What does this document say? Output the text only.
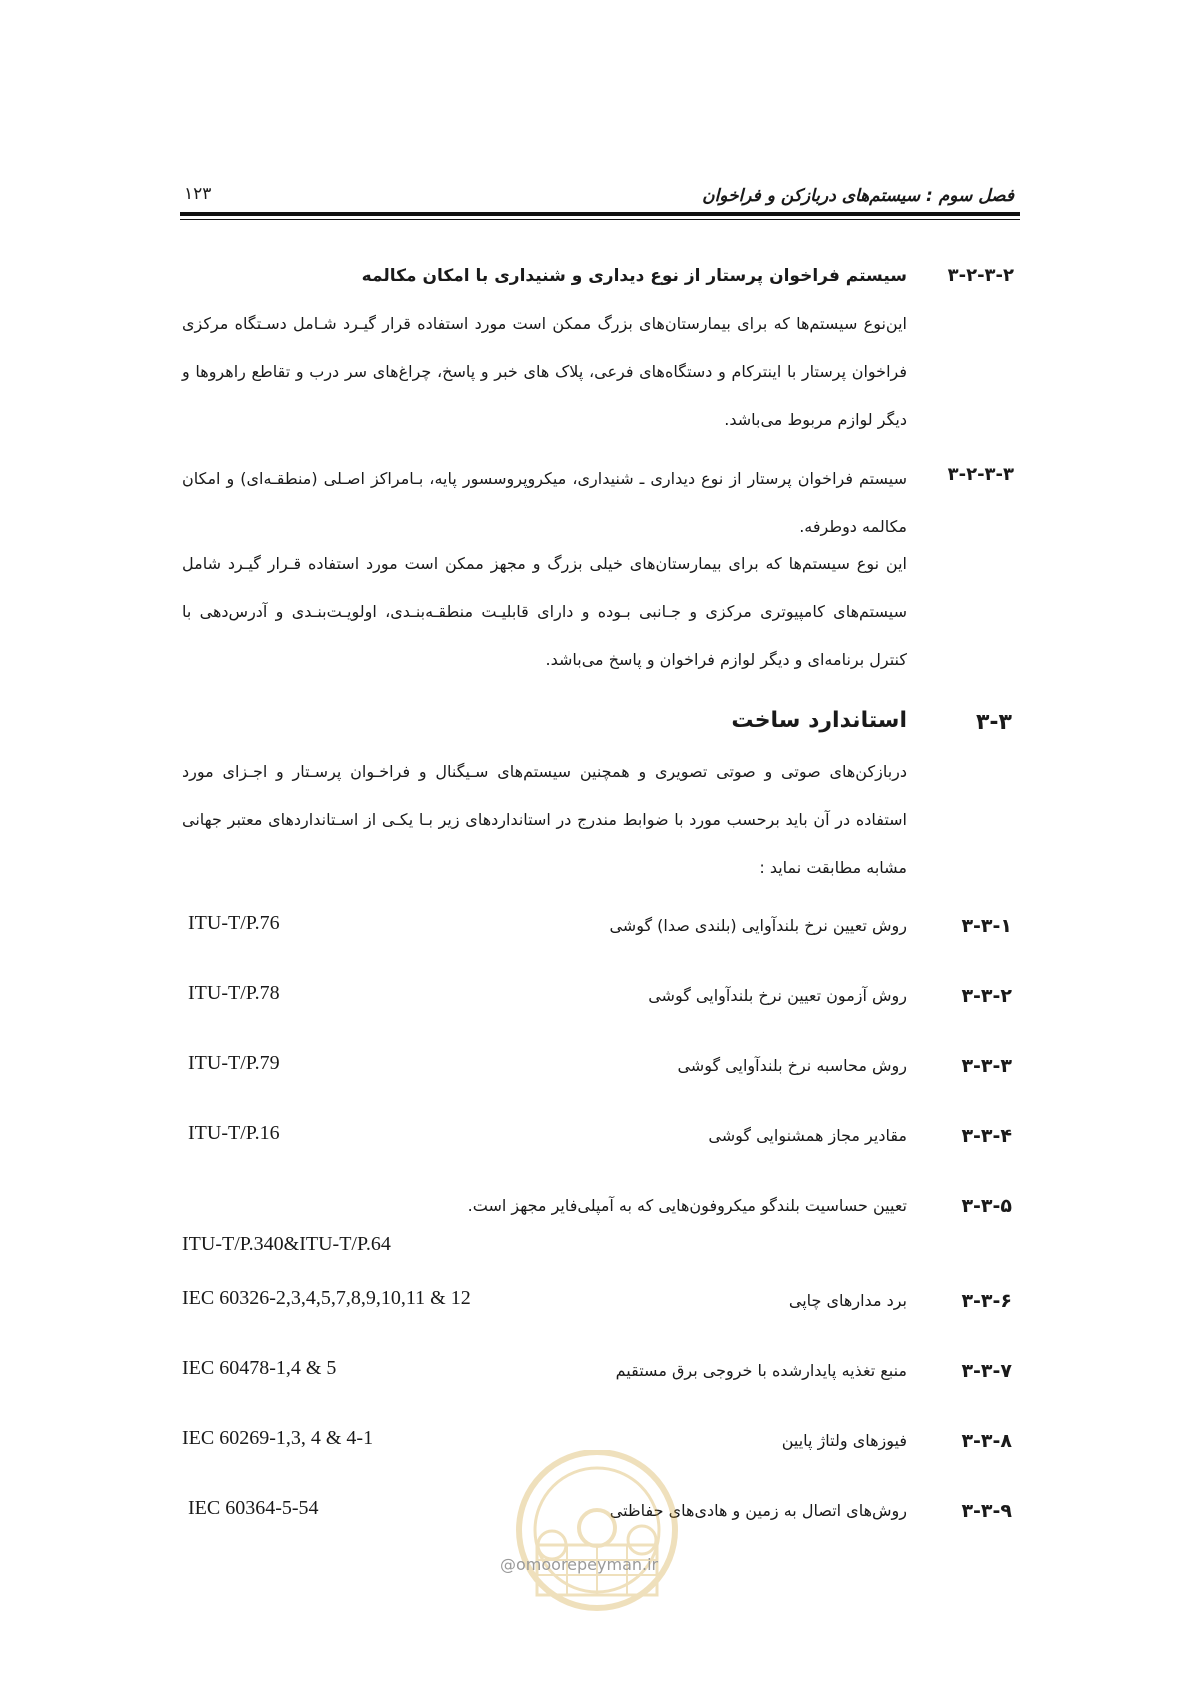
فصل سوم : سیستم‌های دربازکن و فراخوان
۱۲۳
۳-۲-۳-۲
سیستم فراخوان پرستار از نوع دیداری و شنیداری با امکان مکالمه
این‌نوع سیستم‌ها که برای بیمارستان‌های بزرگ ممکن است مورد استفاده قرار گیـرد شـامل دسـتگاه مرکزی فراخوان پرستار با اینترکام و دستگاه‌های فرعی، پلاک های خبر و پاسخ، چراغ‌های سر درب و تقاطع راهروها و دیگر لوازم مربوط می‌باشد.
۳-۲-۳-۳
سیستم فراخوان پرستار از نوع دیداری ـ شنیداری، میکروپروسسور پایه، بـامراکز اصـلی (منطقـه‌ای) و امکان مکالمه دوطرفه.
این نوع سیستم‌ها که برای بیمارستان‌های خیلی بزرگ و مجهز ممکن است مورد استفاده قـرار گیـرد شامل سیستم‌های کامپیوتری مرکزی و جـانبی بـوده و دارای قابلیـت منطقـه‌بنـدی، اولویـت‌بنـدی و آدرس‌دهی با کنترل برنامه‌ای و دیگر لوازم فراخوان و پاسخ می‌باشد.
۳-۳
استاندارد ساخت
دربازکن‌های صوتی و صوتی تصویری و همچنین سیستم‌های سـیگنال و فراخـوان پرسـتار و اجـزای مورد استفاده در آن باید برحسب مورد با ضوابط مندرج در استانداردهای زیر بـا یکـی از اسـتانداردهای معتبر جهانی مشابه مطابقت نماید :
۳-۳-۱
روش تعیین نرخ بلندآوایی (بلندی صدا) گوشی
ITU-T/P.76
۳-۳-۲
روش آزمون تعیین نرخ بلندآوایی گوشی
ITU-T/P.78
۳-۳-۳
روش محاسبه نرخ بلندآوایی گوشی
ITU-T/P.79
۳-۳-۴
مقادیر مجاز همشنوایی گوشی
ITU-T/P.16
۳-۳-۵
تعیین حساسیت بلندگو میکروفون‌هایی که به آمپلی‌فایر مجهز است.
ITU-T/P.340&ITU-T/P.64
۳-۳-۶
برد مدارهای چاپی
IEC 60326-2,3,4,5,7,8,9,10,11 & 12
۳-۳-۷
منبع تغذیه پایدارشده با خروجی برق مستقیم
IEC 60478-1,4 & 5
۳-۳-۸
فیوزهای ولتاژ پایین
IEC 60269-1,3, 4 & 4-1
۳-۳-۹
روش‌های اتصال به زمین و هادی‌های حفاظتی
IEC 60364-5-54
@omoorepeyman.ir
